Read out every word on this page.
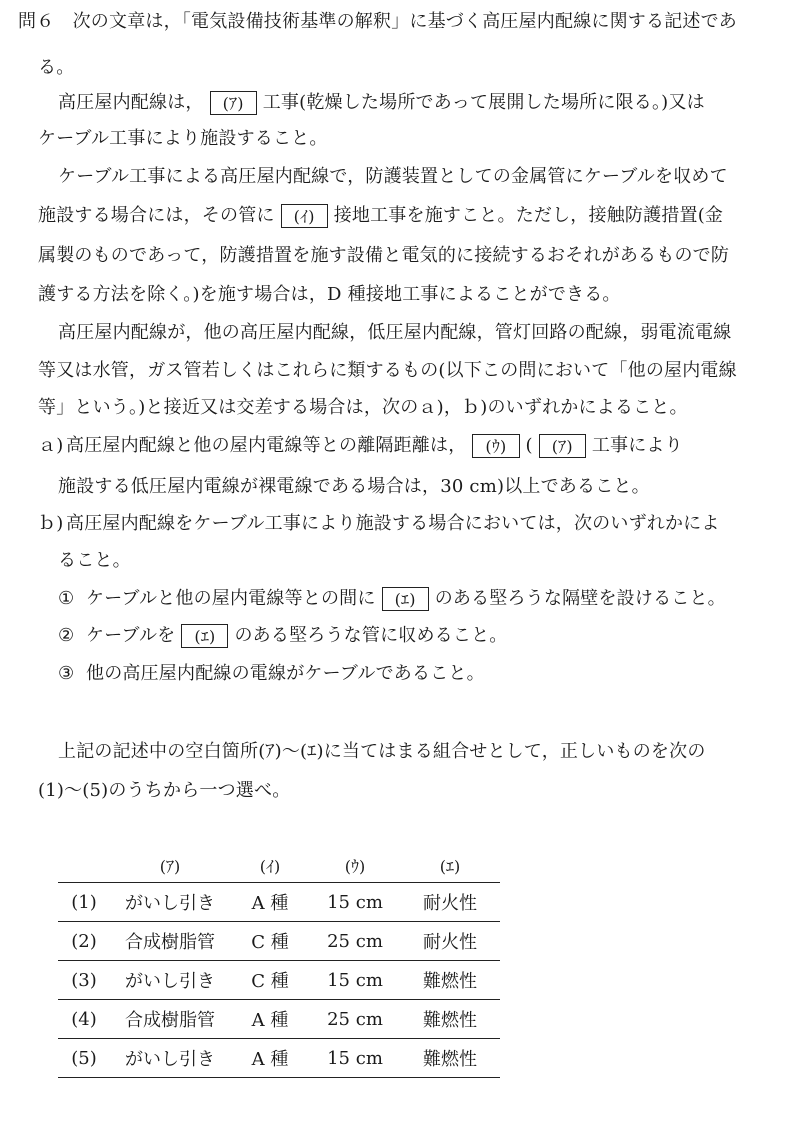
問６　 次の文章は，「電気設備技術基準の解釈」に基づく高圧屋内配線に関する記述であ
る。
高圧屋内配線は， (ｱ) 工事(乾燥した場所であって展開した場所に限る。)又は
ケーブル工事により施設すること。
ケーブル工事による高圧屋内配線で，防護装置としての金属管にケーブルを収めて
施設する場合には，その管に (ｲ) 接地工事を施すこと。ただし，接触防護措置(金
属製のものであって，防護措置を施す設備と電気的に接続するおそれがあるもので防
護する方法を除く。)を施す場合は，D 種接地工事によることができる。
高圧屋内配線が，他の高圧屋内配線，低圧屋内配線，管灯回路の配線，弱電流電線
等又は水管，ガス管若しくはこれらに類するもの(以下この問において「他の屋内電線
等」という。)と接近又は交差する場合は，次のａ)，ｂ)のいずれかによること。
ａ) 高圧屋内配線と他の屋内電線等との離隔距離は， (ｳ) ( (ｱ) 工事により
施設する低圧屋内電線が裸電線である場合は，30 cm)以上であること。
ｂ) 高圧屋内配線をケーブル工事により施設する場合においては，次のいずれかによ
ること。
① ケーブルと他の屋内電線等との間に (ｴ) のある堅ろうな隔壁を設けること。
② ケーブルを (ｴ) のある堅ろうな管に収めること。
③ 他の高圧屋内配線の電線がケーブルであること。
上記の記述中の空白箇所(ｱ)～(ｴ)に当てはまる組合せとして，正しいものを次の
(1)～(5)のうちから一つ選べ。
	(ｱ)	(ｲ)	(ｳ)	(ｴ)
(1)	がいし引き	A 種	15 cm	耐火性
(2)	合成樹脂管	C 種	25 cm	耐火性
(3)	がいし引き	C 種	15 cm	難燃性
(4)	合成樹脂管	A 種	25 cm	難燃性
(5)	がいし引き	A 種	15 cm	難燃性
